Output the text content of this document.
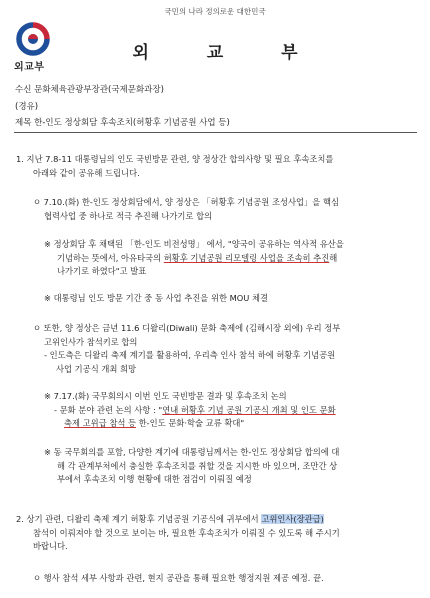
국민의 나라 정의로운 대한민국
외교부
외 교 부
수신 문화체육관광부장관(국제문화과장)
(경유)
제목 한-인도 정상회담 후속조치(허황후 기념공원 사업 등)
1. 지난 7.8-11 대통령님의 인도 국빈방문 관련, 양 정상간 합의사항 및 필요 후속조치를
아래와 같이 공유해 드립니다.
ㅇ 7.10.(화) 한-인도 정상회담에서, 양 정상은 「허황후 기념공원 조성사업」을 핵심
협력사업 중 하나로 적극 추진해 나가기로 합의
※ 정상회담 후 채택된 「한-인도 비전성명」 에서, "양국이 공유하는 역사적 유산을
기념하는 뜻에서, 아유타국의 허황후 기념공원 리모델링 사업을 조속히 추진해
나가기로 하였다"고 발표
※ 대통령님 인도 방문 기간 중 동 사업 추진을 위한 MOU 체결
ㅇ 또한, 양 정상은 금년 11.6 디왈리(Diwali) 문화 축제에 (김해시장 외에) 우리 정부
고위인사가 참석키로 합의
- 인도측은 디왈리 축제 계기를 활용하여, 우리측 인사 참석 하에 허황후 기념공원
사업 기공식 개최 희망
※ 7.17.(화) 국무회의시 이번 인도 국빈방문 결과 및 후속조치 논의
- 문화 분야 관련 논의 사항 : "연내 허황후 기념 공원 기공식 개최 및 인도 문화
축제 고위급 참석 등 한-인도 문화·학술 교류 확대"
※ 동 국무회의를 포함, 다양한 계기에 대통령님께서는 한-인도 정상회담 합의에 대
해 각 관계부처에서 충실한 후속조치를 취할 것을 지시한 바 있으며, 조만간 상
부에서 후속조치 이행 현황에 대한 점검이 이뤄질 예정
2. 상기 관련, 디왈리 축제 계기 허황후 기념공원 기공식에 귀부에서 고위인사(장관급)
참석이 이뤄져야 할 것으로 보이는 바, 필요한 후속조치가 이뤄질 수 있도록 해 주시기
바랍니다.
ㅇ 행사 참석 세부 사항과 관련, 현지 공관을 통해 필요한 행정지원 제공 예정. 끝.
